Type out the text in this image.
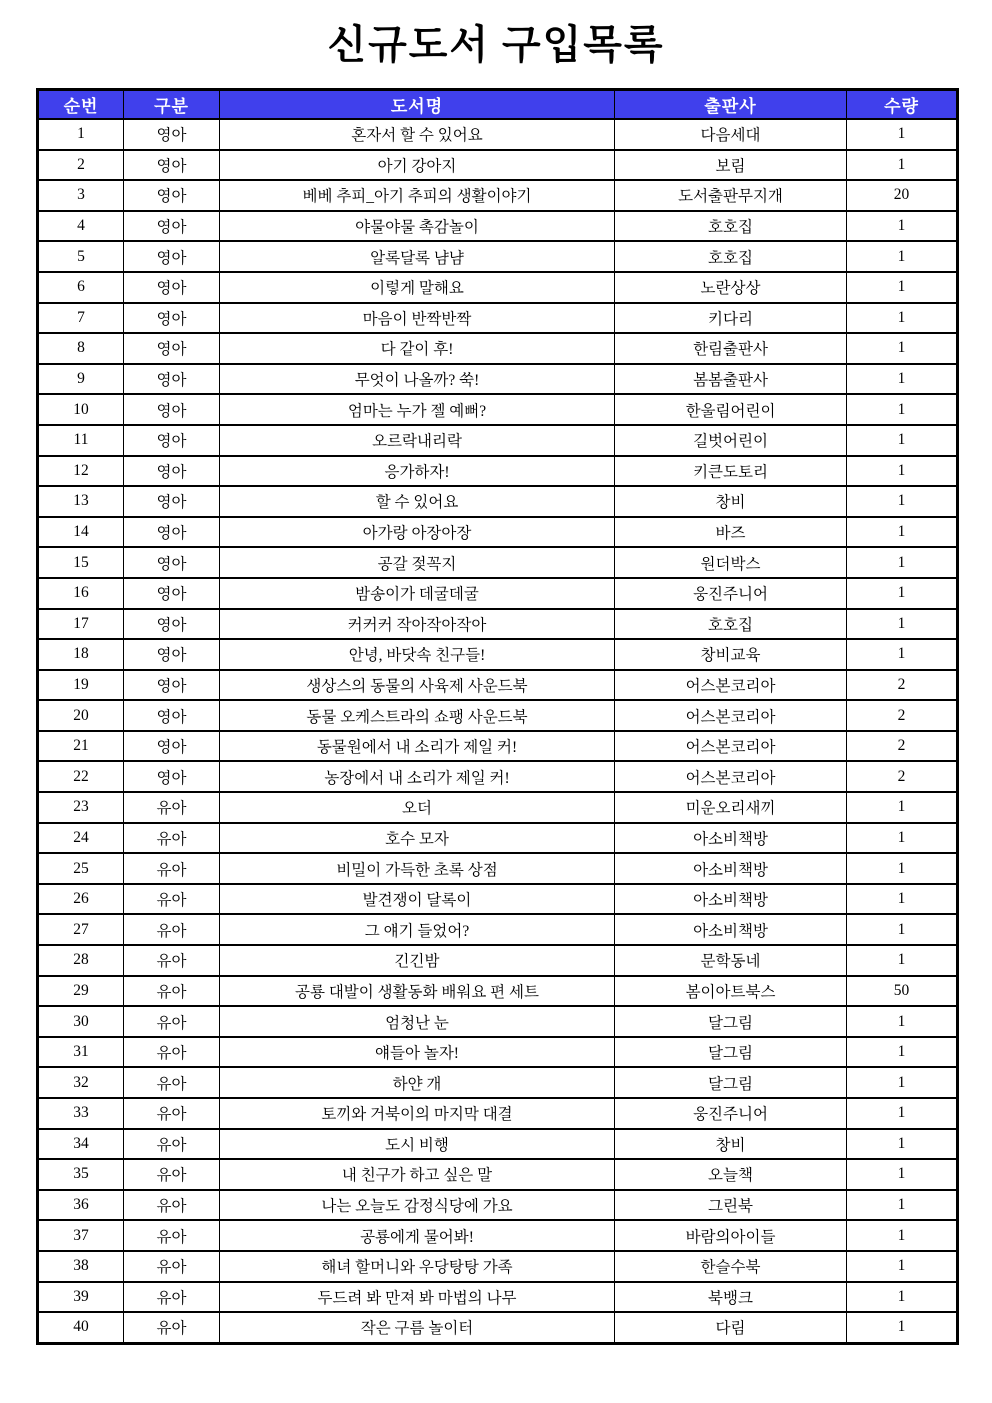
신규도서 구입목록
순번	구분	도서명	출판사	수량
1	영아	혼자서 할 수 있어요	다음세대	1
2	영아	아기 강아지	보림	1
3	영아	베베 추피_아기 추피의 생활이야기	도서출판무지개	20
4	영아	야물야물 촉감놀이	호호집	1
5	영아	알록달록 냠냠	호호집	1
6	영아	이렇게 말해요	노란상상	1
7	영아	마음이 반짝반짝	키다리	1
8	영아	다 같이 후!	한림출판사	1
9	영아	무엇이 나올까? 쑥!	봄봄출판사	1
10	영아	엄마는 누가 젤 예뻐?	한울림어린이	1
11	영아	오르락내리락	길벗어린이	1
12	영아	응가하자!	키큰도토리	1
13	영아	할 수 있어요	창비	1
14	영아	아가랑 아장아장	바즈	1
15	영아	공갈 젖꼭지	원더박스	1
16	영아	밤송이가 데굴데굴	웅진주니어	1
17	영아	커커커 작아작아작아	호호집	1
18	영아	안녕, 바닷속 친구들!	창비교육	1
19	영아	생상스의 동물의 사육제 사운드북	어스본코리아	2
20	영아	동물 오케스트라의 쇼팽 사운드북	어스본코리아	2
21	영아	동물원에서 내 소리가 제일 커!	어스본코리아	2
22	영아	농장에서 내 소리가 제일 커!	어스본코리아	2
23	유아	오더	미운오리새끼	1
24	유아	호수 모자	아소비책방	1
25	유아	비밀이 가득한 초록 상점	아소비책방	1
26	유아	발견쟁이 달록이	아소비책방	1
27	유아	그 얘기 들었어?	아소비책방	1
28	유아	긴긴밤	문학동네	1
29	유아	공룡 대발이 생활동화 배워요 편 세트	봄이아트북스	50
30	유아	엄청난 눈	달그림	1
31	유아	얘들아 놀자!	달그림	1
32	유아	하얀 개	달그림	1
33	유아	토끼와 거북이의 마지막 대결	웅진주니어	1
34	유아	도시 비행	창비	1
35	유아	내 친구가 하고 싶은 말	오늘책	1
36	유아	나는 오늘도 감정식당에 가요	그린북	1
37	유아	공룡에게 물어봐!	바람의아이들	1
38	유아	해녀 할머니와 우당탕탕 가족	한슬수북	1
39	유아	두드려 봐 만져 봐 마법의 나무	북뱅크	1
40	유아	작은 구름 놀이터	다림	1
